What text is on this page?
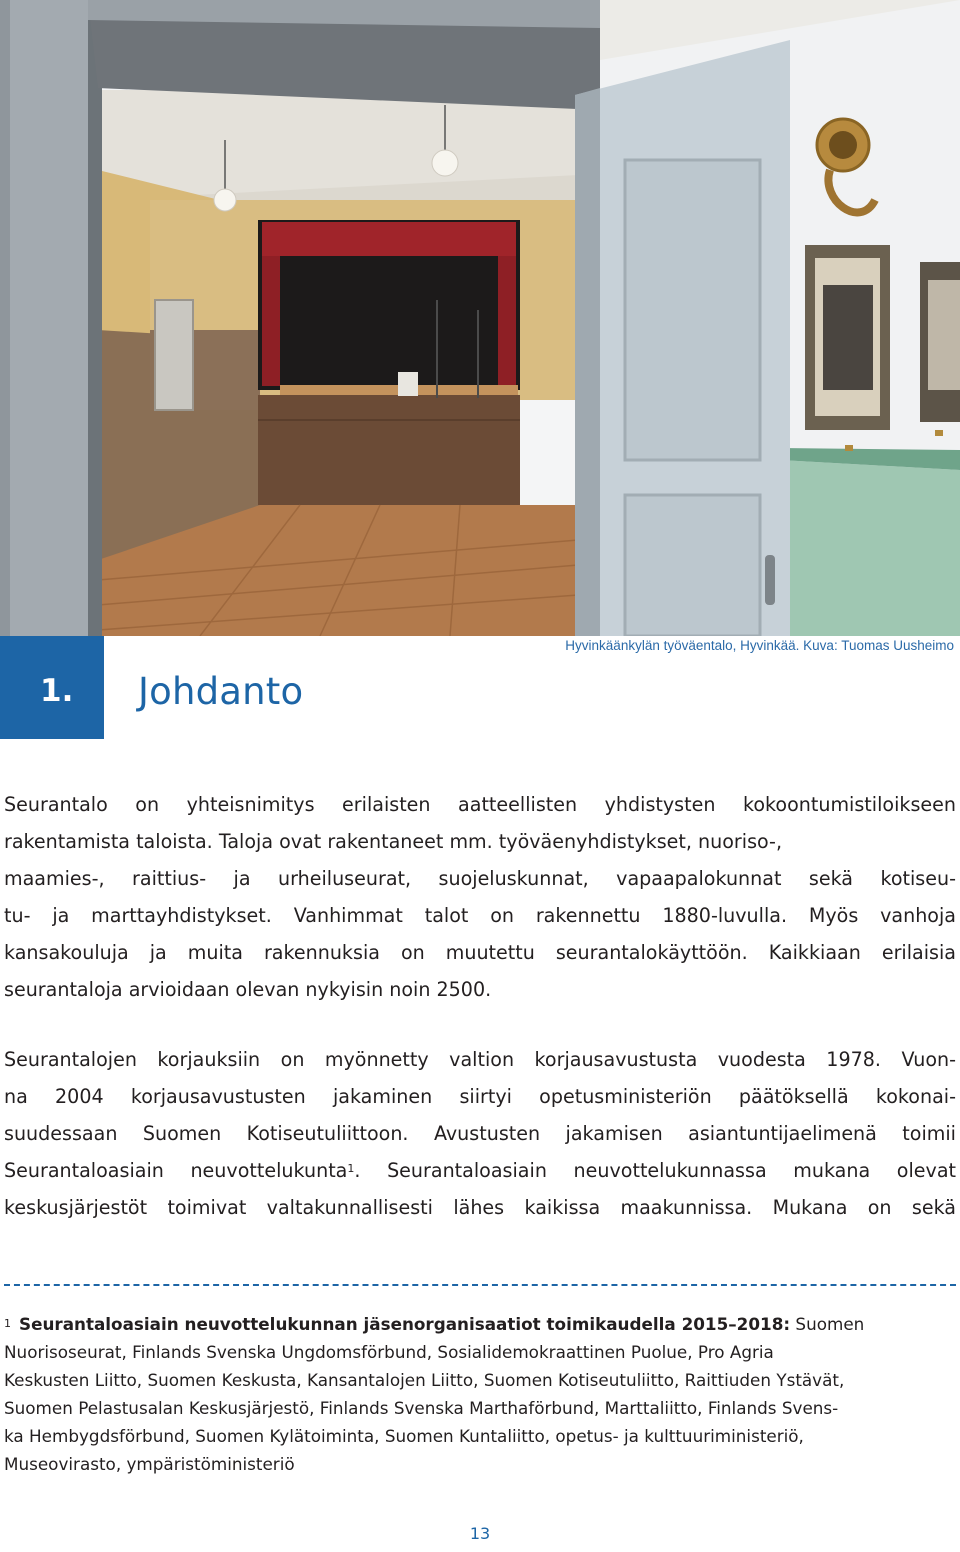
1. Johdanto
Hyvinkäänkylän työväentalo, Hyvinkää. Kuva: Tuomas Uusheimo
Seurantalo on yhteisnimitys erilaisten aatteellisten yhdistysten kokoontumistiloikseen
rakentamista taloista. Taloja ovat rakentaneet mm. työväenyhdistykset, nuoriso-,
maamies-, raittius- ja urheiluseurat, suojeluskunnat, vapaapalokunnat sekä kotiseu-
tu- ja marttayhdistykset. Vanhimmat talot on rakennettu 1880-luvulla. Myös vanhoja
kansakouluja ja muita rakennuksia on muutettu seurantalokäyttöön. Kaikkiaan erilaisia
seurantaloja arvioidaan olevan nykyisin noin 2500.
Seurantalojen korjauksiin on myönnetty valtion korjausavustusta vuodesta 1978. Vuon-
na 2004 korjausavustusten jakaminen siirtyi opetusministeriön päätöksellä kokonai-
suudessaan Suomen Kotiseutuliittoon. Avustusten jakamisen asiantuntijaelimenä toimii
Seurantaloasiain neuvottelukunta$^1$. Seurantaloasiain neuvottelukunnassa mukana olevat
keskusjärjestöt toimivat valtakunnallisesti lähes kaikissa maakunnissa. Mukana on sekä
$^1$ Seurantaloasiain neuvottelukunnan jäsenorganisaatiot toimikaudella 2015–2018: Suomen
Nuorisoseurat, Finlands Svenska Ungdomsförbund, Sosialidemokraattinen Puolue, Pro Agria
Keskusten Liitto, Suomen Keskusta, Kansantalojen Liitto, Suomen Kotiseutuliitto, Raittiuden Ystävät,
Suomen Pelastusalan Keskusjärjestö, Finlands Svenska Marthaförbund, Marttaliitto, Finlands Svens-
ka Hembygdsförbund, Suomen Kylätoiminta, Suomen Kuntaliitto, opetus- ja kulttuuriministeriö,
Museovirasto, ympäristöministeriö
13
